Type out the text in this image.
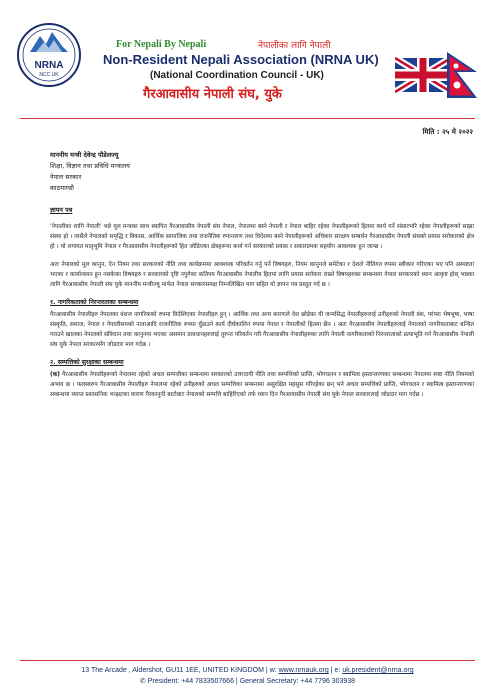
NRNA
NCC UK
For Nepali By Nepali	नेपालीका लागि नेपाली
Non-Resident Nepali Association (NRNA UK)
(National Coordination Council - UK)
गैरआवासीय नेपाली संघ, युके
मिति : २५ मे २०२२
माननीय मन्त्री देवेन्द्र पौडेलज्यू
शिक्षा, विज्ञान तथा प्रविधि मन्त्रालय
नेपाल सरकार
काठमाण्डौ
ज्ञापन पत्र

'नेपालीका लागि नेपाली' भन्ने मूल मन्त्रका साथ स्थापित गैरआवासीय नेपाली संघ नेपाल, नेपालमा बस्ने नेपाली र नेपाल बाहिर रहेका नेपालीहरूको हितमा कार्य गर्ने संसारभरि रहेका नेपालीहरूको साझा संस्था हो । त्यसैले नेपालको समृद्धि र विकास, आर्थिक सामाजिक तथा राजनैतिक रुपान्तरण तथा विदेशमा बस्ने नेपालीहरूको अधिकार संरक्षण सम्बर्धन गैरआवासीय नेपाली संघको प्रयास सरोकारको क्षेत्र हो । यो लगायत मातृभूमि नेपाल र गैरआवासीय नेपालीहरूको हित जोडिएका क्षेत्रहरूमा कार्य गर्न सरकारको प्रयास र सकारात्मक सहयोग आवश्यक हुन जान्छ ।

अतः नेपालको मूल कानुन, ऐन नियम तथा सरकारको नीति तथा कार्यक्रममा आवश्यक परिवर्तन गर्नु पर्ने विषयहरु, नियम कानुनले समेटेका र देशले नीतिगत रुपमा स्वीकार गरिएका भए पनि अस्पष्टता भएका र कार्यान्वयन हुन नसकेका विषयहरु र सरकारको दृष्टि नपुगेका कतिपय गैरआवासीय नेपालीय हितमा लागि प्रयास सरोकार राख्ने विषयहरुका सम्बन्धमा नेपाल सरकारको ध्यान आकृष्ट होस् भन्नका लागि गैरआवासीय नेपाली संघ युके माननीय मन्त्रीज्यू मार्फत नेपाल सरकारसमक्ष निम्नलिखित माग सहित यो ज्ञापन पत्र प्रस्तुत गर्द छ ।

१. नागरिकताको निरन्तरताका सम्बन्धमा

गैरआवासीय नेपालीहरु नेपालका वंशज नागरिकको रुपमा विदेशिएका नेपालीहरु हुन् । आर्थिक तथा अन्य कारणले देश छोडेका यी जन्मसिद्ध नेपालीहरुलाई उनीहरुको नेपाली वंश, परंपरा भेषभूषा, भाषा संस्कृति, समाज, नेपाल र नेपालीसमको नाताआदि राजनीतिक रुपमा चुँडाउने कार्य दीर्घकालिन रुपमा नेपाल र नेपालीको हितमा छैन । अतः गैरआवासीय नेपालीहरुलाई नेपालको नागरिकताबाट बन्चित गराउने खालका नेपालको संविधान तथा कानुनमा भएका असमान प्रावधानहरुलाई तुरुन्त परिवर्तन गरी गैरआवासीय नेपालीहरुका लागि नेपाली नागरिकताको निरन्तरताको प्रत्याभूति गर्न गैरआवासीय नेपाली संघ युके नेपाल सरकारसँग जोडदार माग गर्दछ ।

२. सम्पत्तिको सुरक्षाका सम्बन्धमा

(क) गैरआवासीय नेपालीहरूको नेपालमा रहेको अचल सम्पत्तीका सम्बन्धमा सरकारको उत्तरदायी नीति तथा सम्पत्तिको प्राप्ति, भोगचलन र स्वामित्व हस्तान्तरणका सम्बन्धमा नेपालमा स्पष्ट नीति नियमको अभाव छ । फलस्वरुप गैरआवासीय नेपालीहरु नेपालमा रहेको उनीहरुको अचल सम्पत्तिका सम्बन्धमा असुरक्षित महसुस गरिरहेका छन् भने अचल सम्पत्तिको प्राप्ति, भोगचलन र स्वामित्व हस्तान्तरणका सम्बन्धमा व्याप्त प्रशासनिक भन्झटका कारण गैरकानुनी बाटोबाट नेपालको सम्पत्ति बाहिरिएको तर्फ ध्यान दिन गैरआवासीय नेपाली संघ युके नेपाल सरकारलाई जोडदार माग गर्दछ ।

13 The Arcade , Aldershot, GU11 1EE, UNITED KINGDOM | w: www.nrnauk.org | e: uk.president@nrna.org
✆ President: +44 7833507666 | General Secretary: +44 7796 303938
